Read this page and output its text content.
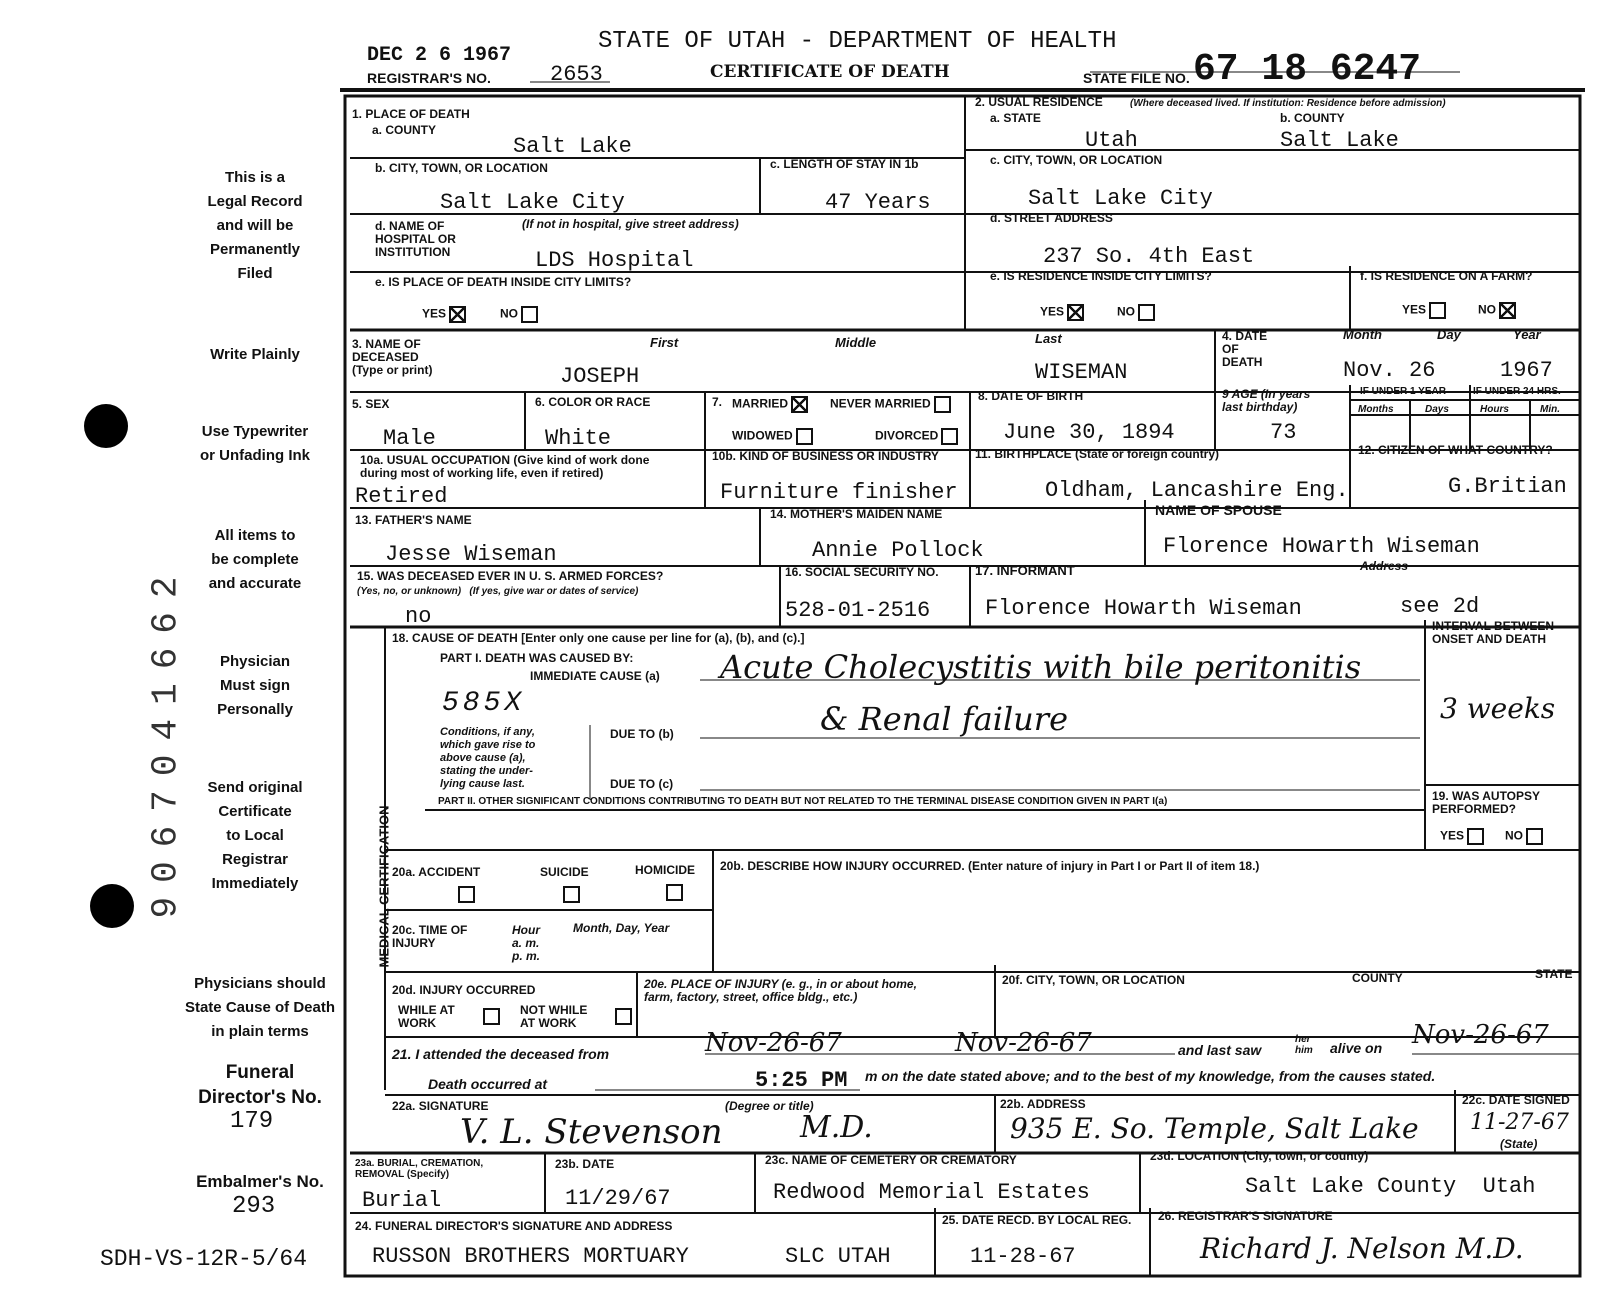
This is a
Legal Record
and will be
Permanently
Filed
Write Plainly
Use Typewriter
or Unfading Ink
All items to
be complete
and accurate
Physician
Must sign
Personally
Send original
Certificate
to Local
Registrar
Immediately
Physicians should
State Cause of Death
in plain terms
Funeral
Director's No.
179
Embalmer's No.
293
SDH-VS-12R-5/64
9067041662
DEC 2 6 1967
REGISTRAR'S NO.	2653
STATE OF UTAH - DEPARTMENT OF HEALTH
CERTIFICATE OF DEATH	STATE FILE NO. 67 18 6247
1. PLACE OF DEATH
a. COUNTY
Salt Lake
b. CITY, TOWN, OR LOCATION
Salt Lake City
c. LENGTH OF STAY IN 1b
47 Years
d. NAME OF
HOSPITAL OR
INSTITUTION
(If not in hospital, give street address)
LDS Hospital
e. IS PLACE OF DEATH INSIDE CITY LIMITS?
YES	NO
2. USUAL RESIDENCE	(Where deceased lived. If institution: Residence before admission)
a. STATE	b. COUNTY
Utah	Salt Lake
c. CITY, TOWN, OR LOCATION
Salt Lake City
d. STREET ADDRESS
237 So. 4th East
e. IS RESIDENCE INSIDE CITY LIMITS?
YES	NO
f. IS RESIDENCE ON A FARM?
YES	NO
3. NAME OF
DECEASED
(Type or print)
First	Middle	Last
JOSEPH	WISEMAN
4. DATE
OF
DEATH
Month	Day	Year
Nov. 26	1967
5. SEX
Male
6. COLOR OR RACE
White
7. MARRIED	NEVER MARRIED
WIDOWED	DIVORCED
8. DATE OF BIRTH
June 30, 1894
9 AGE (In years
last birthday)
73
IF UNDER 1 YEAR	IF UNDER 24 HRS.
Months	Days	Hours	Min.
10a. USUAL OCCUPATION (Give kind of work done
during most of working life, even if retired)
Retired
10b. KIND OF BUSINESS OR INDUSTRY
Furniture finisher
11. BIRTHPLACE (State or foreign country)
Oldham, Lancashire Eng.
12. CITIZEN OF WHAT COUNTRY?
G.Britian
13. FATHER'S NAME
Jesse Wiseman
14. MOTHER'S MAIDEN NAME
Annie Pollock
NAME OF SPOUSE
Florence Howarth Wiseman
15. WAS DECEASED EVER IN U. S. ARMED FORCES?
(Yes, no, or unknown)   (If yes, give war or dates of service)
no
16. SOCIAL SECURITY NO.
528-01-2516
17. INFORMANT	Address
Florence Howarth Wiseman	see 2d
MEDICAL CERTIFICATION
18. CAUSE OF DEATH [Enter only one cause per line for (a), (b), and (c).]
PART I. DEATH WAS CAUSED BY:
IMMEDIATE CAUSE (a) Acute Cholecystitis with bile peritonitis
585X
Conditions, if any,
which gave rise to
above cause (a),
stating the under-
lying cause last.
DUE TO (b)	& Renal failure
DUE TO (c)
INTERVAL BETWEEN
ONSET AND DEATH
3 weeks
PART II. OTHER SIGNIFICANT CONDITIONS CONTRIBUTING TO DEATH BUT NOT RELATED TO THE TERMINAL DISEASE CONDITION GIVEN IN PART I(a)	19. WAS AUTOPSY
PERFORMED?
YES	NO
20a. ACCIDENT	SUICIDE	HOMICIDE 20b. DESCRIBE HOW INJURY OCCURRED. (Enter nature of injury in Part I or Part II of item 18.)
20c. TIME OF
INJURY
Hour
a. m.
p. m.
Month, Day, Year
20d. INJURY OCCURRED
WHILE AT
WORK
NOT WHILE
AT WORK
20e. PLACE OF INJURY (e. g., in or about home,
farm, factory, street, office bldg., etc.)
20f. CITY, TOWN, OR LOCATION	COUNTY	STATE
21. I attended the deceased from	Nov-26-67	Nov-26-67	and last saw
her
him alive on Nov-26-67
Death occurred at	5:25 PM m on the date stated above; and to the best of my knowledge, from the causes stated.
22a. SIGNATURE	(Degree or title)
V. L. Stevenson	M.D.
22b. ADDRESS
935 E. So. Temple, Salt Lake
22c. DATE SIGNED
11-27-67
(State)
23a. BURIAL, CREMATION,
REMOVAL (Specify)
Burial
23b. DATE
11/29/67
23c. NAME OF CEMETERY OR CREMATORY
Redwood Memorial Estates
23d. LOCATION (City, town, or county)
Salt Lake County  Utah
24. FUNERAL DIRECTOR'S SIGNATURE AND ADDRESS
RUSSON BROTHERS MORTUARY	SLC UTAH
25. DATE RECD. BY LOCAL REG.
11-28-67
26. REGISTRAR'S SIGNATURE
Richard J. Nelson M.D.
